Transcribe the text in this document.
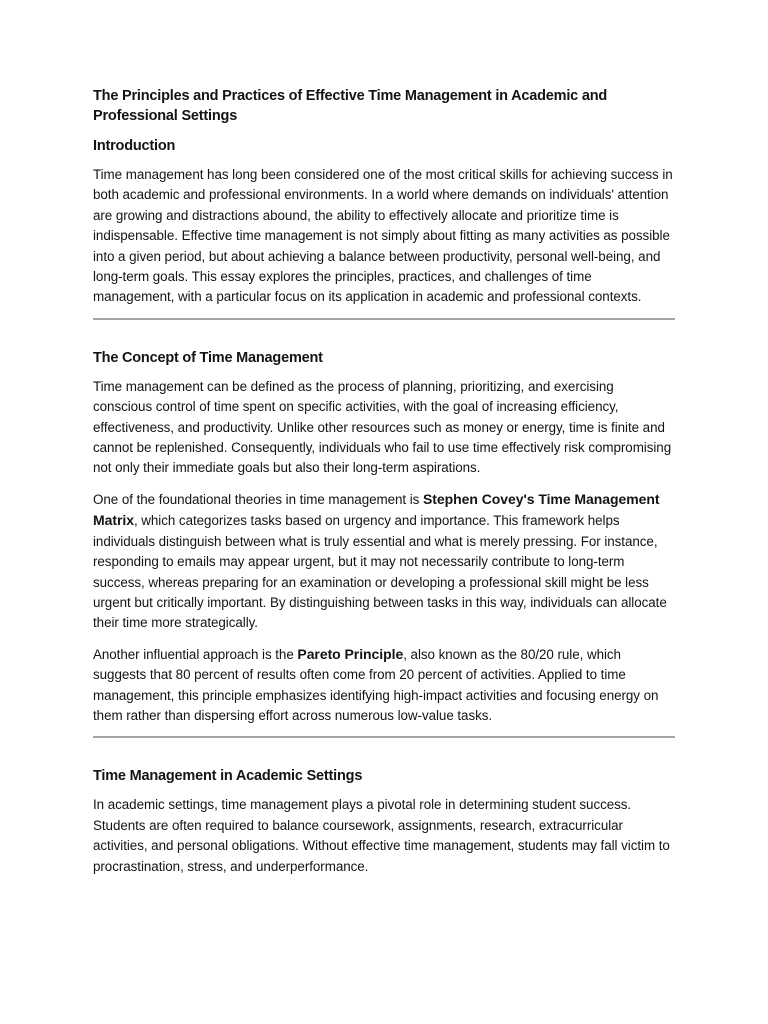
The Principles and Practices of Effective Time Management in Academic and Professional Settings
Introduction

Time management has long been considered one of the most critical skills for achieving success in both academic and professional environments. In a world where demands on individuals' attention are growing and distractions abound, the ability to effectively allocate and prioritize time is indispensable. Effective time management is not simply about fitting as many activities as possible into a given period, but about achieving a balance between productivity, personal well-being, and long-term goals. This essay explores the principles, practices, and challenges of time management, with a particular focus on its application in academic and professional contexts.

The Concept of Time Management

Time management can be defined as the process of planning, prioritizing, and exercising conscious control of time spent on specific activities, with the goal of increasing efficiency, effectiveness, and productivity. Unlike other resources such as money or energy, time is finite and cannot be replenished. Consequently, individuals who fail to use time effectively risk compromising not only their immediate goals but also their long-term aspirations.

One of the foundational theories in time management is Stephen Covey's Time Management Matrix, which categorizes tasks based on urgency and importance. This framework helps individuals distinguish between what is truly essential and what is merely pressing. For instance, responding to emails may appear urgent, but it may not necessarily contribute to long-term success, whereas preparing for an examination or developing a professional skill might be less urgent but critically important. By distinguishing between tasks in this way, individuals can allocate their time more strategically.

Another influential approach is the Pareto Principle, also known as the 80/20 rule, which suggests that 80 percent of results often come from 20 percent of activities. Applied to time management, this principle emphasizes identifying high-impact activities and focusing energy on them rather than dispersing effort across numerous low-value tasks.

Time Management in Academic Settings

In academic settings, time management plays a pivotal role in determining student success. Students are often required to balance coursework, assignments, research, extracurricular activities, and personal obligations. Without effective time management, students may fall victim to procrastination, stress, and underperformance.
